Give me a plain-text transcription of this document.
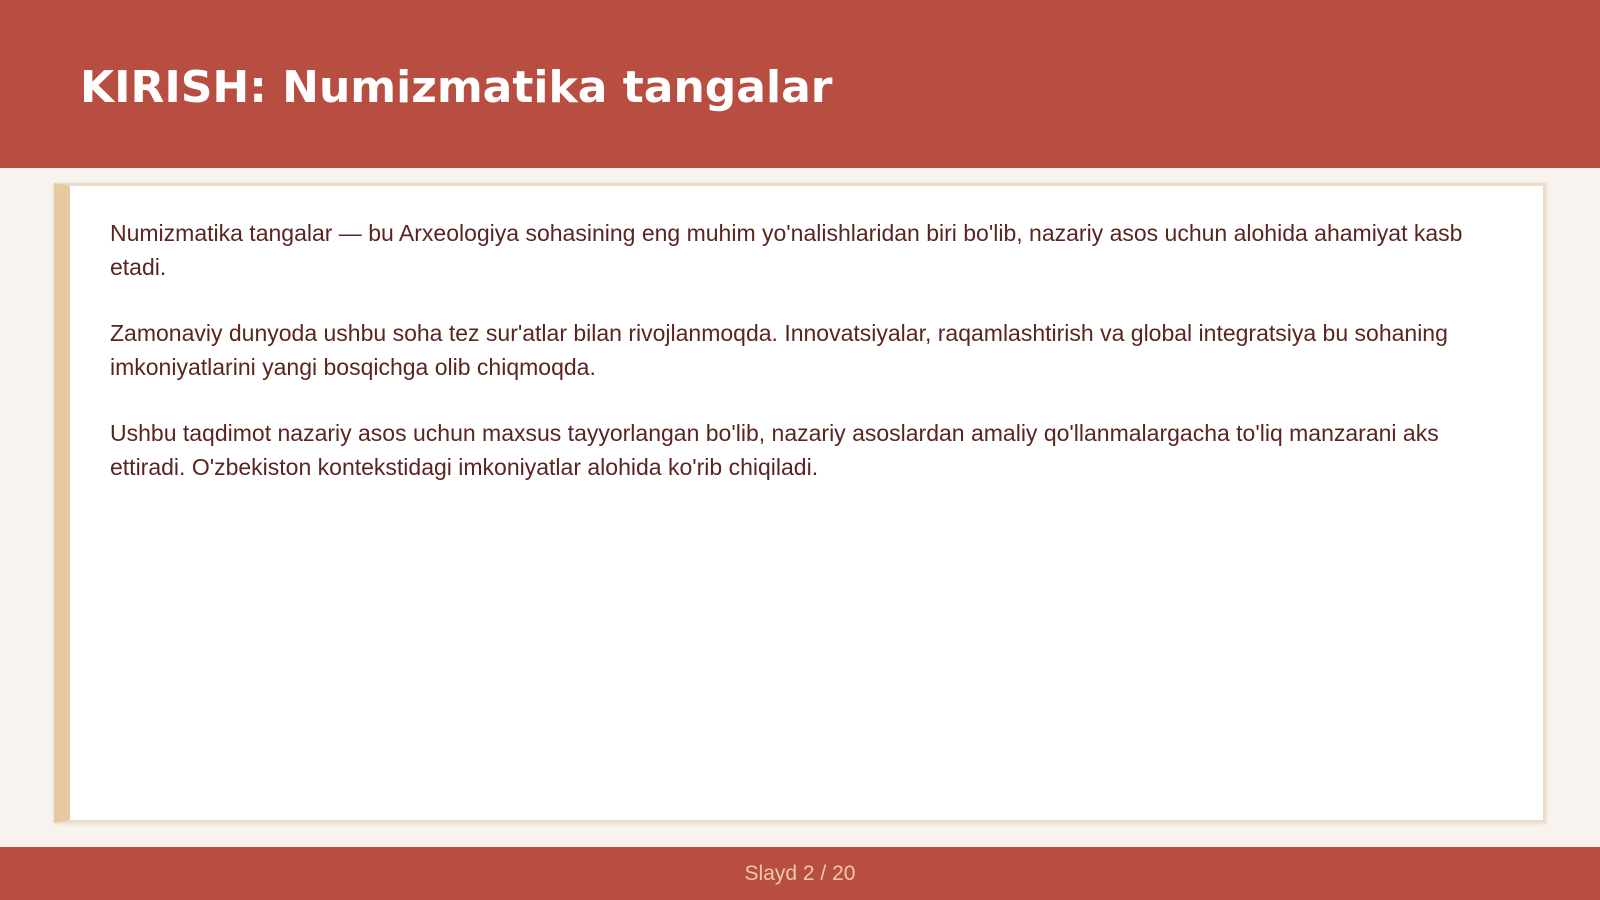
KIRISH: Numizmatika tangalar

Numizmatika tangalar — bu Arxeologiya sohasining eng muhim yo'nalishlaridan biri bo'lib, nazariy asos uchun alohida ahamiyat kasb etadi.

Zamonaviy dunyoda ushbu soha tez sur'atlar bilan rivojlanmoqda. Innovatsiyalar, raqamlashtirish va global integratsiya bu sohaning imkoniyatlarini yangi bosqichga olib chiqmoqda.

Ushbu taqdimot nazariy asos uchun maxsus tayyorlangan bo'lib, nazariy asoslardan amaliy qo'llanmalargacha to'liq manzarani aks ettiradi. O'zbekiston kontekstidagi imkoniyatlar alohida ko'rib chiqiladi.

Slayd 2 / 20
